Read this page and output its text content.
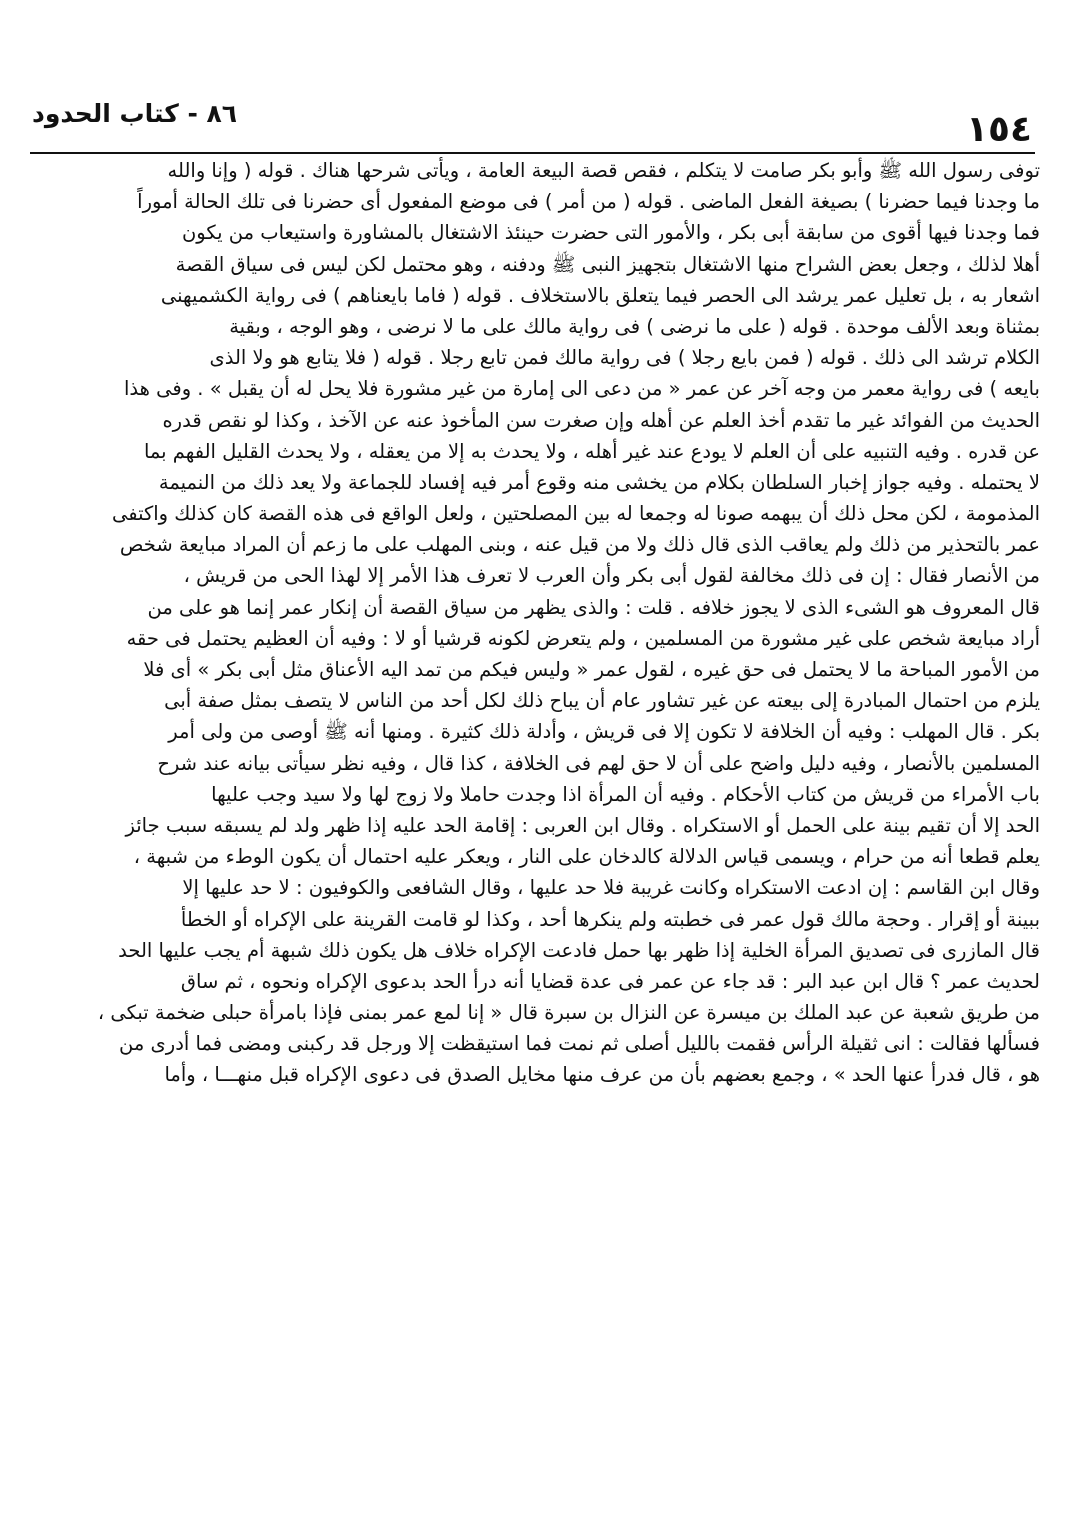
١٥٤
٨٦ - كتاب الحدود
توفى رسول الله ﷺ وأبو بكر صامت لا يتكلم ، فقص قصة البيعة العامة ، ويأتى شرحها هناك . قوله ( وإنا والله
ما وجدنا فيما حضرنا ) بصيغة الفعل الماضى . قوله ( من أمر ) فى موضع المفعول أى حضرنا فى تلك الحالة أموراً
فما وجدنا فيها أقوى من سابقة أبى بكر ، والأمور التى حضرت حينئذ الاشتغال بالمشاورة واستيعاب من يكون
أهلا لذلك ، وجعل بعض الشراح منها الاشتغال بتجهيز النبى ﷺ ودفنه ، وهو محتمل لكن ليس فى سياق القصة
اشعار به ، بل تعليل عمر يرشد الى الحصر فيما يتعلق بالاستخلاف . قوله ( فاما بايعناهم ) فى رواية الكشميهنى
بمثناة وبعد الألف موحدة . قوله ( على ما نرضى ) فى رواية مالك على ما لا نرضى ، وهو الوجه ، وبقية
الكلام ترشد الى ذلك . قوله ( فمن بايع رجلا ) فى رواية مالك فمن تابع رجلا . قوله ( فلا يتابع هو ولا الذى
بايعه ) فى رواية معمر من وجه آخر عن عمر « من دعى الى إمارة من غير مشورة فلا يحل له أن يقبل » . وفى هذا
الحديث من الفوائد غير ما تقدم أخذ العلم عن أهله وإن صغرت سن المأخوذ عنه عن الآخذ ، وكذا لو نقص قدره
عن قدره . وفيه التنبيه على أن العلم لا يودع عند غير أهله ، ولا يحدث به إلا من يعقله ، ولا يحدث القليل الفهم بما
لا يحتمله . وفيه جواز إخبار السلطان بكلام من يخشى منه وقوع أمر فيه إفساد للجماعة ولا يعد ذلك من النميمة
المذمومة ، لكن محل ذلك أن يبهمه صونا له وجمعا له بين المصلحتين ، ولعل الواقع فى هذه القصة كان كذلك واكتفى
عمر بالتحذير من ذلك ولم يعاقب الذى قال ذلك ولا من قيل عنه ، وبنى المهلب على ما زعم أن المراد مبايعة شخص
من الأنصار فقال : إن فى ذلك مخالفة لقول أبى بكر وأن العرب لا تعرف هذا الأمر إلا لهذا الحى من قريش ،
قال المعروف هو الشىء الذى لا يجوز خلافه . قلت : والذى يظهر من سياق القصة أن إنكار عمر إنما هو على من
أراد مبايعة شخص على غير مشورة من المسلمين ، ولم يتعرض لكونه قرشيا أو لا : وفيه أن العظيم يحتمل فى حقه
من الأمور المباحة ما لا يحتمل فى حق غيره ، لقول عمر « وليس فيكم من تمد اليه الأعناق مثل أبى بكر » أى فلا
يلزم من احتمال المبادرة إلى بيعته عن غير تشاور عام أن يباح ذلك لكل أحد من الناس لا يتصف بمثل صفة أبى
بكر . قال المهلب : وفيه أن الخلافة لا تكون إلا فى قريش ، وأدلة ذلك كثيرة . ومنها أنه ﷺ أوصى من ولى أمر
المسلمين بالأنصار ، وفيه دليل واضح على أن لا حق لهم فى الخلافة ، كذا قال ، وفيه نظر سيأتى بيانه عند شرح
باب الأمراء من قريش من كتاب الأحكام . وفيه أن المرأة اذا وجدت حاملا ولا زوج لها ولا سيد وجب عليها
الحد إلا أن تقيم بينة على الحمل أو الاستكراه . وقال ابن العربى : إقامة الحد عليه إذا ظهر ولد لم يسبقه سبب جائز
يعلم قطعا أنه من حرام ، ويسمى قياس الدلالة كالدخان على النار ، ويعكر عليه احتمال أن يكون الوطء من شبهة ،
وقال ابن القاسم : إن ادعت الاستكراه وكانت غريبة فلا حد عليها ، وقال الشافعى والكوفيون : لا حد عليها إلا
ببينة أو إقرار . وحجة مالك قول عمر فى خطبته ولم ينكرها أحد ، وكذا لو قامت القرينة على الإكراه أو الخطأ
قال المازرى فى تصديق المرأة الخلية إذا ظهر بها حمل فادعت الإكراه خلاف هل يكون ذلك شبهة أم يجب عليها الحد
لحديث عمر ؟ قال ابن عبد البر : قد جاء عن عمر فى عدة قضايا أنه درأ الحد بدعوى الإكراه ونحوه ، ثم ساق
من طريق شعبة عن عبد الملك بن ميسرة عن النزال بن سبرة قال « إنا لمع عمر بمنى فإذا بامرأة حبلى ضخمة تبكى ،
فسألها فقالت : انى ثقيلة الرأس فقمت بالليل أصلى ثم نمت فما استيقظت إلا ورجل قد ركبنى ومضى فما أدرى من
هو ، قال فدرأ عنها الحد » ، وجمع بعضهم بأن من عرف منها مخايل الصدق فى دعوى الإكراه قبل منهـــا ، وأما
